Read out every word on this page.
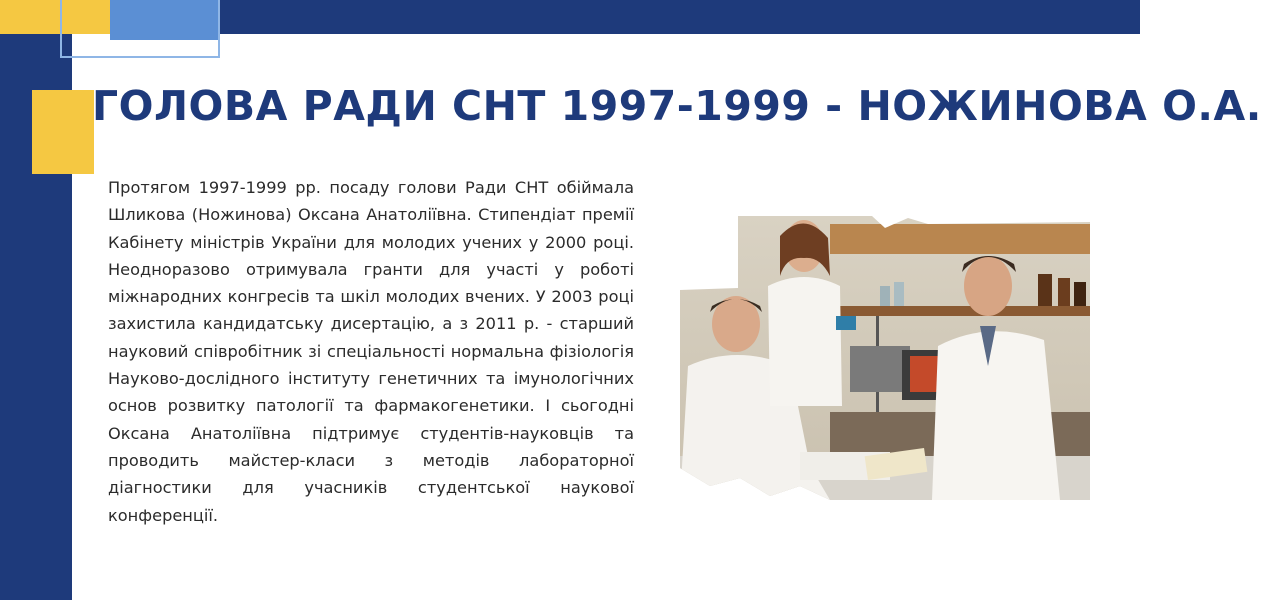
ГОЛОВА РАДИ СНТ 1997-1999 - НОЖИНОВА О.А.

Протягом 1997-1999 рр. посаду голови Ради СНТ обіймала Шликова (Ножинова) Оксана Анатоліївна. Стипендіат премії Кабінету міністрів України для молодих учених у 2000 році. Неодноразово отримувала гранти для участі у роботі міжнародних конгресів та шкіл молодих вчених. У 2003 році захистила кандидатську дисертацію, а з 2011 р. - старший науковий співробітник зі спеціальності нормальна фізіологія Науково-дослідного інституту генетичних та імунологічних основ розвитку патології та фармакогенетики. І сьогодні Оксана Анатоліївна підтримує студентів-науковців та проводить майстер-класи з методів лабораторної діагностики для учасників студентської наукової конференції.
